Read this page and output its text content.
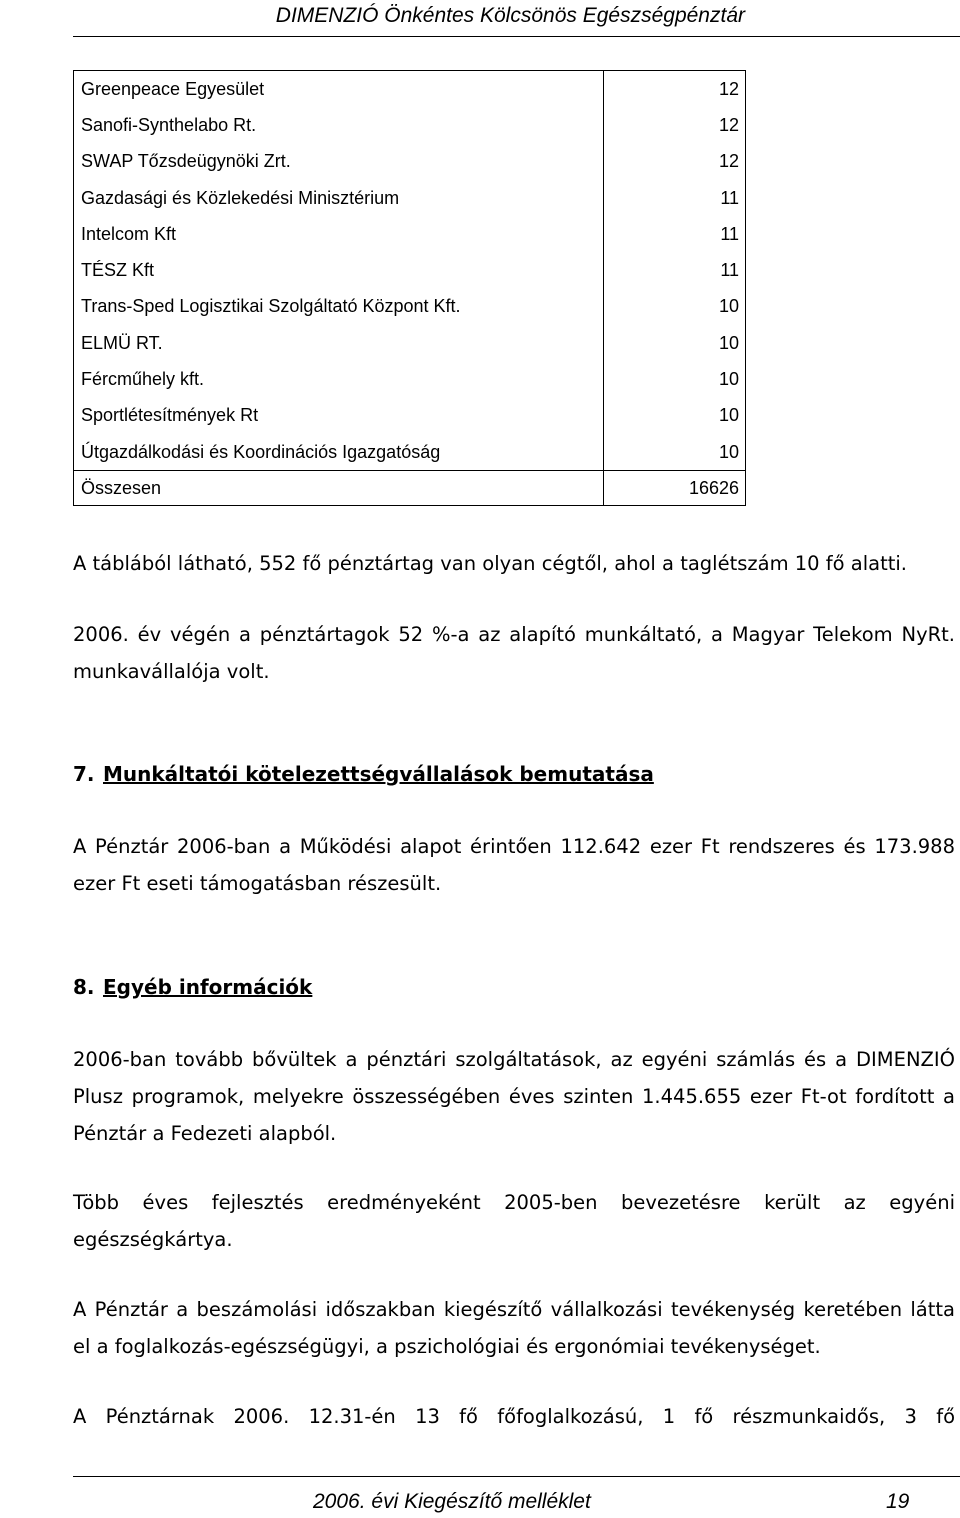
DIMENZIÓ Önkéntes Kölcsönös Egészségpénztár
Greenpeace Egyesület	12
Sanofi-Synthelabo Rt.	12
SWAP Tőzsdeügynöki Zrt.	12
Gazdasági és Közlekedési Minisztérium	11
Intelcom Kft	11
TÉSZ Kft	11
Trans-Sped Logisztikai Szolgáltató Központ Kft.	10
ELMÜ RT.	10
Fércműhely kft.	10
Sportlétesítmények Rt	10
Útgazdálkodási és Koordinációs Igazgatóság	10
Összesen	16626
A táblából látható, 552 fő pénztártag van olyan cégtől, ahol a taglétszám 10 fő alatti.
2006. év végén a pénztártagok 52 %-a az alapító munkáltató, a Magyar Telekom NyRt. munkavállalója volt.
7. Munkáltatói kötelezettségvállalások bemutatása
A Pénztár 2006-ban a Működési alapot érintően 112.642 ezer Ft rendszeres és 173.988 ezer Ft eseti támogatásban részesült.
8. Egyéb információk
2006-ban tovább bővültek a pénztári szolgáltatások, az egyéni számlás és a DIMENZIÓ Plusz programok, melyekre összességében éves szinten 1.445.655 ezer Ft-ot fordított a Pénztár a Fedezeti alapból.
Több éves fejlesztés eredményeként 2005-ben bevezetésre került az egyéni egészségkártya.
A Pénztár a beszámolási időszakban kiegészítő vállalkozási tevékenység keretében látta el a foglalkozás-egészségügyi, a pszichológiai és ergonómiai tevékenységet.
A Pénztárnak 2006. 12.31-én 13 fő főfoglalkozású, 1 fő részmunkaidős, 3 fő
2006. évi Kiegészítő melléklet	19
